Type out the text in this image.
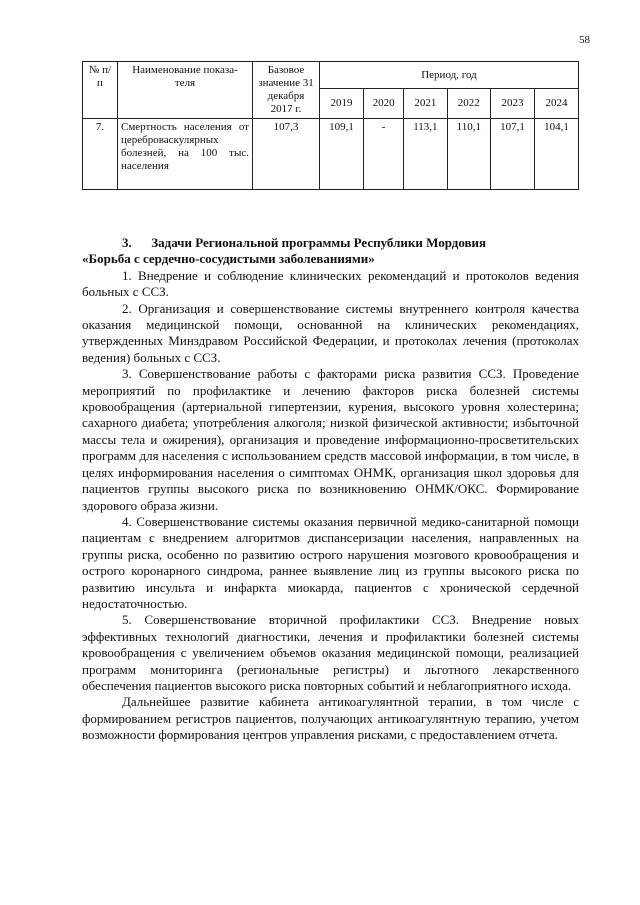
58
№ п/п	Наименование показа- теля	Базовое значение 31 декабря 2017 г.	Период, год					
			2019	2020	2021	2022	2023	2024
7.	Смертность населения от цереброваскулярных болезней, на 100 тыс. населения	107,3	109,1	-	113,1	110,1	107,1	104,1

3.      Задачи Региональной программы Республики Мордовия

«Борьба с сердечно-сосудистыми заболеваниями»

1. Внедрение и соблюдение клинических рекомендаций и протоколов ведения больных с ССЗ.

2. Организация и совершенствование системы внутреннего контроля качества оказания медицинской помощи, основанной на клинических рекомендациях, утвержденных Минздравом Российской Федерации, и протоколах лечения (протоколах ведения) больных с ССЗ.

3. Совершенствование работы с факторами риска развития ССЗ. Проведение мероприятий по профилактике и лечению факторов риска болезней системы кровообращения (артериальной гипертензии, курения, высокого уровня холестерина; сахарного диабета; употребления алкоголя; низкой физической активности; избыточной массы тела и ожирения), организация и проведение информационно-просветительских программ для населения с использованием средств массовой информации, в том числе, в целях информирования населения о симптомах ОНМК, организация школ здоровья для пациентов группы высокого риска по возникновению ОНМК/ОКС. Формирование здорового образа жизни.

4. Совершенствование системы оказания первичной медико-санитарной помощи пациентам с внедрением алгоритмов диспансеризации населения, направленных на группы риска, особенно по развитию острого нарушения мозгового кровообращения и острого коронарного синдрома, раннее выявление лиц из группы высокого риска по развитию инсульта и инфаркта миокарда, пациентов с хронической сердечной недостаточностью.

5. Совершенствование вторичной профилактики ССЗ. Внедрение новых эффективных технологий диагностики, лечения и профилактики болезней системы кровообращения с увеличением объемов оказания медицинской помощи, реализацией программ мониторинга (региональные регистры) и льготного лекарственного обеспечения пациентов высокого риска повторных событий и неблагоприятного исхода.

Дальнейшее развитие кабинета антикоагулянтной терапии, в том числе с формированием регистров пациентов, получающих антикоагулянтную терапию, учетом возможности формирования центров управления рисками, с предоставлением отчета.
